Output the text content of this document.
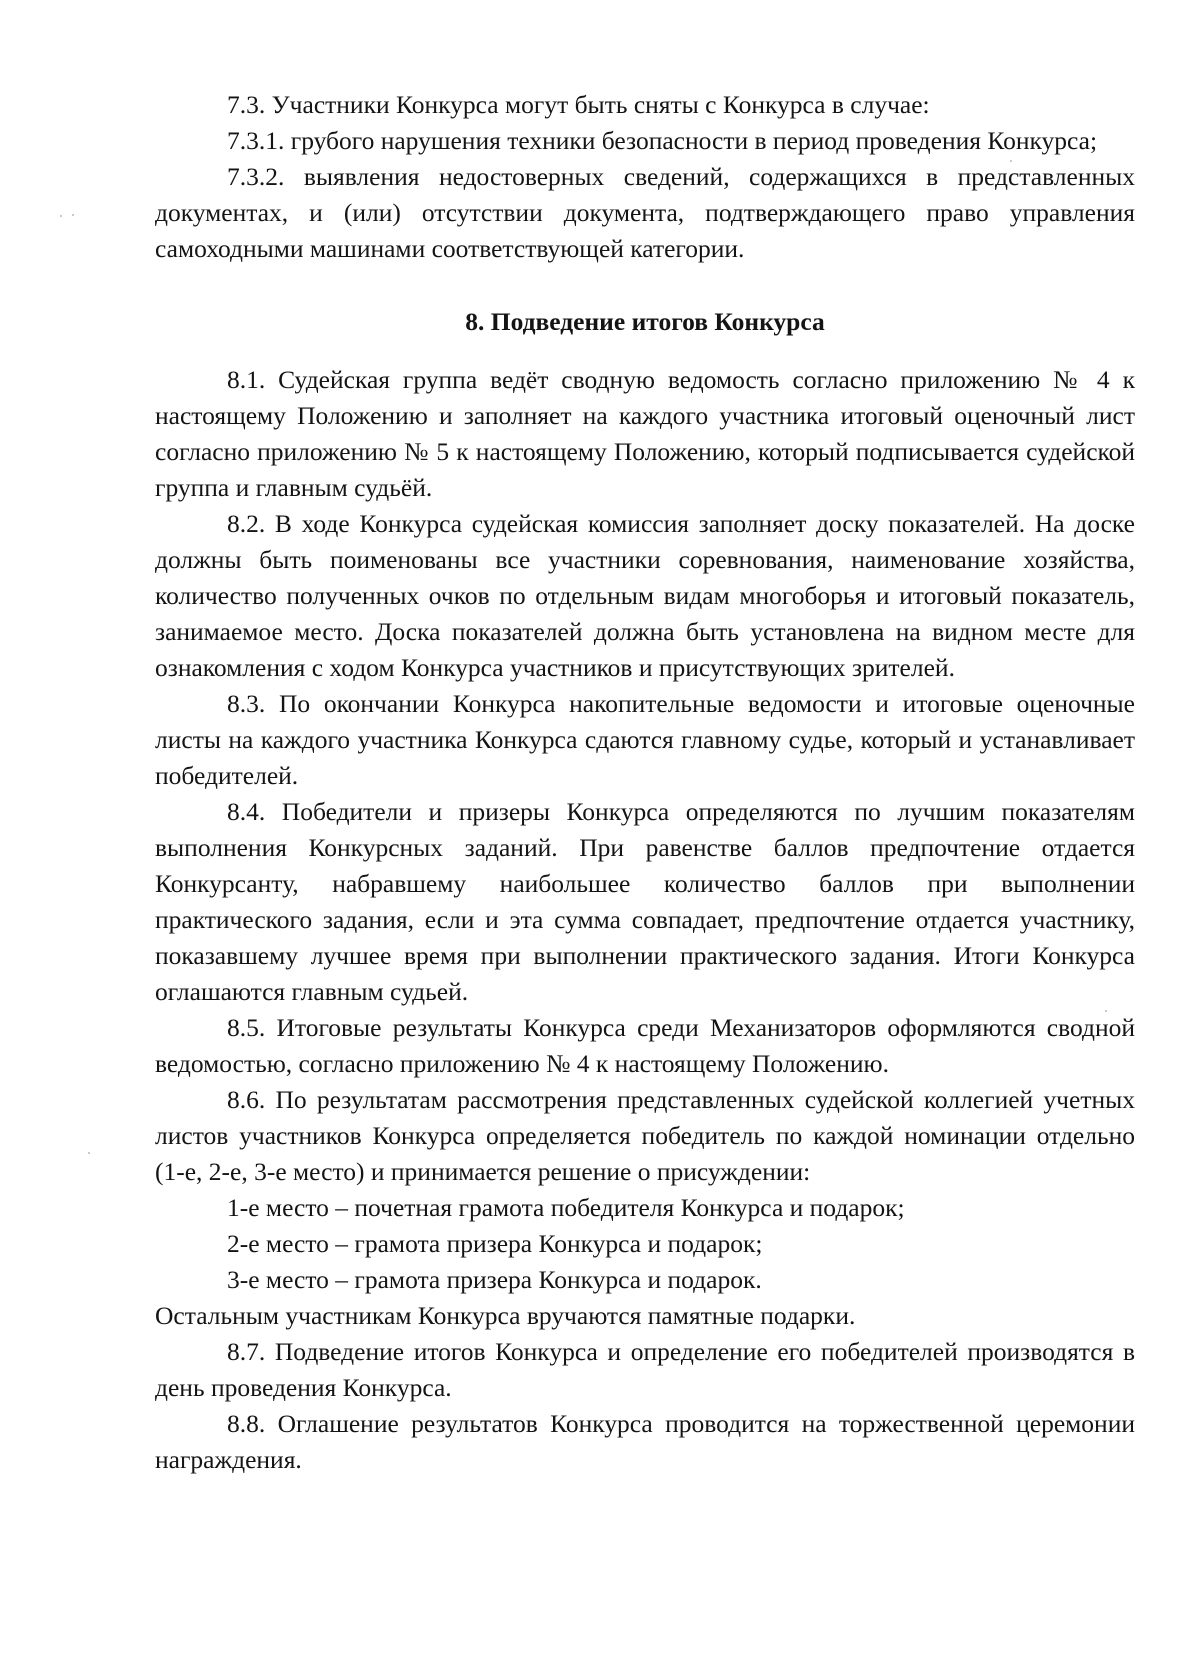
7.3. Участники Конкурса могут быть сняты с Конкурса в случае:

7.3.1. грубого нарушения техники безопасности в период проведения Конкурса;

7.3.2. выявления недостоверных сведений, содержащихся в представленных документах, и (или) отсутствии документа, подтверждающего право управления самоходными машинами соответствующей категории.

8. Подведение итогов Конкурса

8.1. Судейская группа ведёт сводную ведомость согласно приложению № 4 к настоящему Положению и заполняет на каждого участника итоговый оценочный лист согласно приложению № 5 к настоящему Положению, который подписывается судейской группа и главным судьёй.

8.2. В ходе Конкурса судейская комиссия заполняет доску показателей. На доске должны быть поименованы все участники соревнования, наименование хозяйства, количество полученных очков по отдельным видам многоборья и итоговый показатель, занимаемое место. Доска показателей должна быть установлена на видном месте для ознакомления с ходом Конкурса участников и присутствующих зрителей.

8.3. По окончании Конкурса накопительные ведомости и итоговые оценочные листы на каждого участника Конкурса сдаются главному судье, который и устанавливает победителей.

8.4. Победители и призеры Конкурса определяются по лучшим показателям выполнения Конкурсных заданий. При равенстве баллов предпочтение отдается Конкурсанту, набравшему наибольшее количество баллов при выполнении практического задания, если и эта сумма совпадает, предпочтение отдается участнику, показавшему лучшее время при выполнении практического задания. Итоги Конкурса оглашаются главным судьей.

8.5. Итоговые результаты Конкурса среди Механизаторов оформляются сводной ведомостью, согласно приложению № 4 к настоящему Положению.

8.6. По результатам рассмотрения представленных судейской коллегией учетных листов участников Конкурса определяется победитель по каждой номинации отдельно (1-е, 2-е, 3-е место) и принимается решение о присуждении:

1-е место – почетная грамота победителя Конкурса и подарок;

2-е место – грамота призера Конкурса и подарок;

3-е место – грамота призера Конкурса и подарок.

Остальным участникам Конкурса вручаются памятные подарки.

8.7. Подведение итогов Конкурса и определение его победителей производятся в день проведения Конкурса.

8.8. Оглашение результатов Конкурса проводится на торжественной церемонии награждения.
